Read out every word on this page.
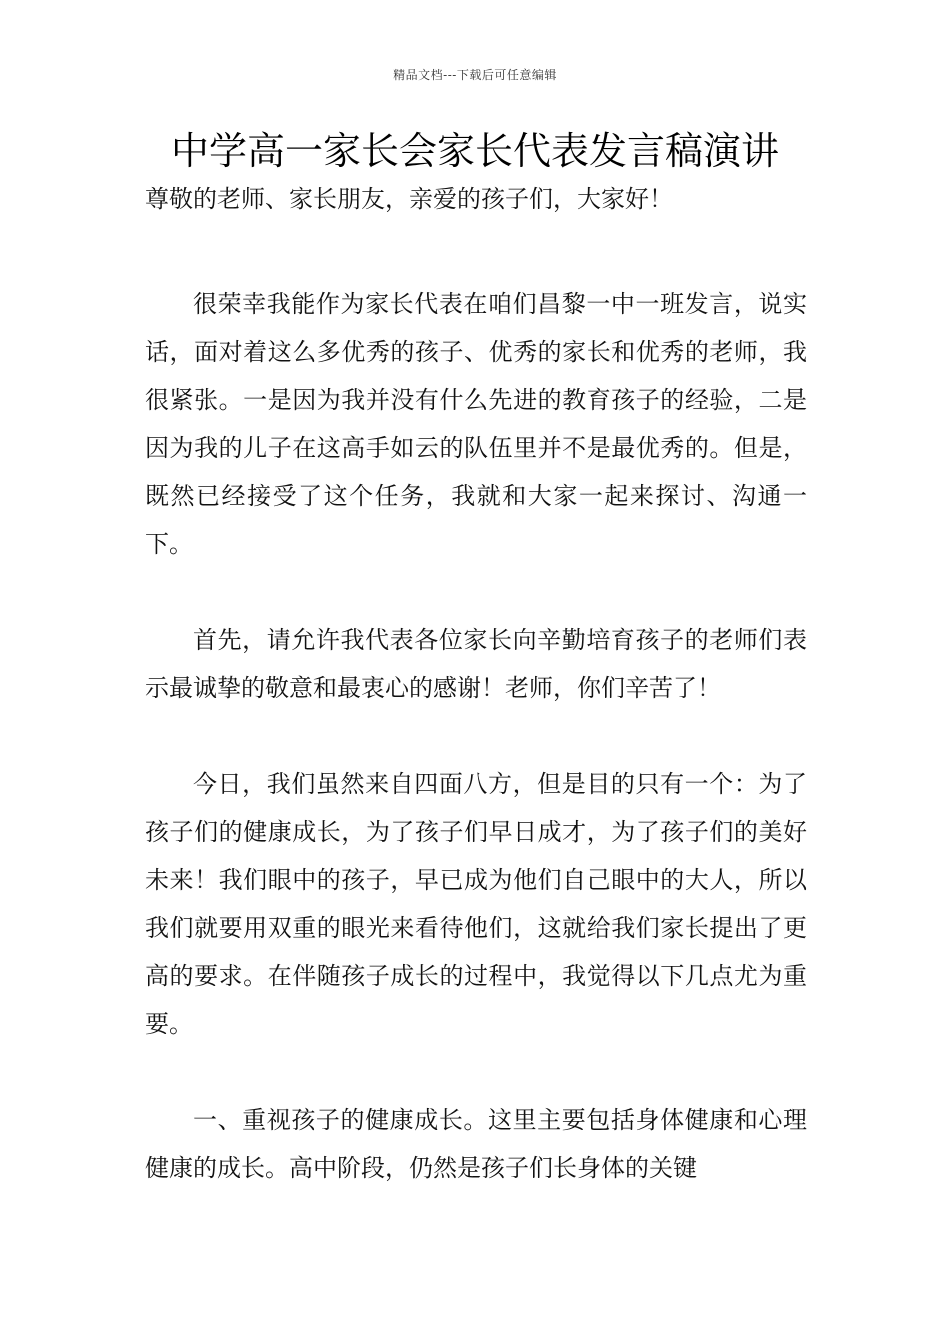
精品文档---下载后可任意编辑
中学高一家长会家长代表发言稿演讲
尊敬的老师、家长朋友，亲爱的孩子们，大家好！

很荣幸我能作为家长代表在咱们昌黎一中一班发言，说实话，面对着这么多优秀的孩子、优秀的家长和优秀的老师，我很紧张。一是因为我并没有什么先进的教育孩子的经验，二是因为我的儿子在这高手如云的队伍里并不是最优秀的。但是，既然已经接受了这个任务，我就和大家一起来探讨、沟通一下。

首先，请允许我代表各位家长向辛勤培育孩子的老师们表示最诚挚的敬意和最衷心的感谢！老师，你们辛苦了！

今日，我们虽然来自四面八方，但是目的只有一个：为了孩子们的健康成长，为了孩子们早日成才，为了孩子们的美好未来！我们眼中的孩子，早已成为他们自己眼中的大人，所以我们就要用双重的眼光来看待他们，这就给我们家长提出了更高的要求。在伴随孩子成长的过程中，我觉得以下几点尤为重要。

一、重视孩子的健康成长。这里主要包括身体健康和心理健康的成长。高中阶段，仍然是孩子们长身体的关键
